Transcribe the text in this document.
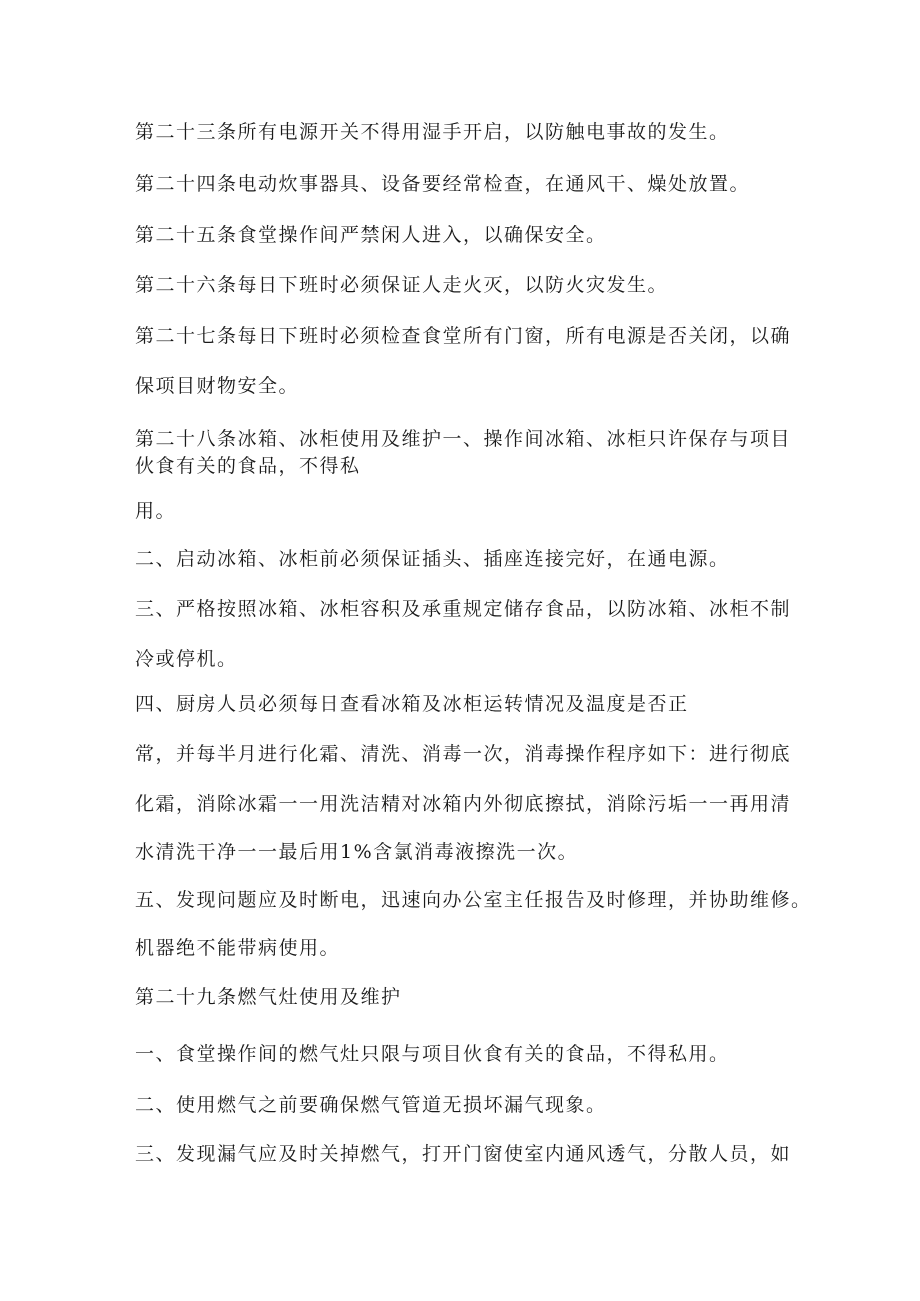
第二十三条所有电源开关不得用湿手开启，以防触电事故的发生。
第二十四条电动炊事器具、设备要经常检查，在通风干、燥处放置。
第二十五条食堂操作间严禁闲人进入，以确保安全。
第二十六条每日下班时必须保证人走火灭，以防火灾发生。
第二十七条每日下班时必须检查食堂所有门窗，所有电源是否关闭，以确
保项目财物安全。
第二十八条冰箱、冰柜使用及维护一、操作间冰箱、冰柜只许保存与项目
伙食有关的食品，不得私
用。
二、启动冰箱、冰柜前必须保证插头、插座连接完好，在通电源。
三、严格按照冰箱、冰柜容积及承重规定储存食品，以防冰箱、冰柜不制
冷或停机。
四、厨房人员必须每日查看冰箱及冰柜运转情况及温度是否正
常，并每半月进行化霜、清洗、消毒一次，消毒操作程序如下：进行彻底
化霜，消除冰霜一一用洗洁精对冰箱内外彻底擦拭，消除污垢一一再用清
水清洗干净一一最后用1%含氯消毒液擦洗一次。
五、发现问题应及时断电，迅速向办公室主任报告及时修理，并协助维修。
机器绝不能带病使用。
第二十九条燃气灶使用及维护
一、食堂操作间的燃气灶只限与项目伙食有关的食品，不得私用。
二、使用燃气之前要确保燃气管道无损坏漏气现象。
三、发现漏气应及时关掉燃气，打开门窗使室内通风透气，分散人员，如
